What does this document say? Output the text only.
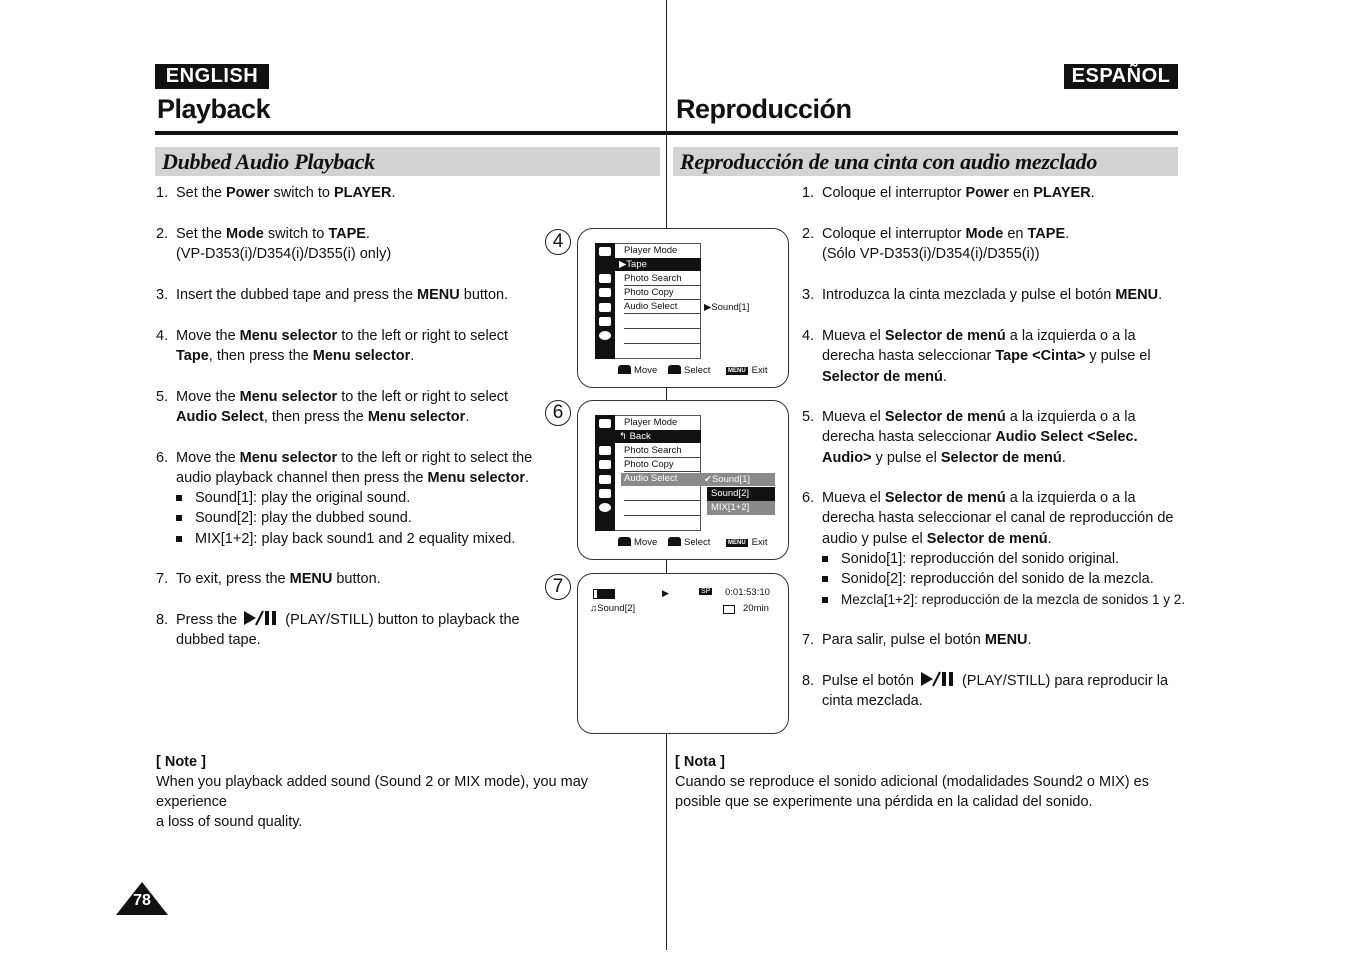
ENGLISH
Playback
Dubbed Audio Playback
ESPAÑOL
Reproducción
Reproducción de una cinta con audio mezclado
1. Set the Power switch to PLAYER.
2. Set the Mode switch to TAPE.
(VP-D353(i)/D354(i)/D355(i) only)
3. Insert the dubbed tape and press the MENU button.
4. Move the Menu selector to the left or right to select
Tape, then press the Menu selector.
5. Move the Menu selector to the left or right to select
Audio Select, then press the Menu selector.
6. Move the Menu selector to the left or right to select the
audio playback channel then press the Menu selector.
7. To exit, press the MENU button.
8. Press the	(PLAY/STILL) button to playback the
dubbed tape.
Sound[1]: play the original sound.
Sound[2]: play the dubbed sound.
MIX[1+2]: play back sound1 and 2 equality mixed.
1. Coloque el interruptor Power en PLAYER.
2. Coloque el interruptor Mode en TAPE.
(Sólo VP-D353(i)/D354(i)/D355(i))
3. Introduzca la cinta mezclada y pulse el botón MENU.
4. Mueva el Selector de menú a la izquierda o a la
derecha hasta seleccionar Tape <Cinta> y pulse el
Selector de menú.
5. Mueva el Selector de menú a la izquierda o a la
derecha hasta seleccionar Audio Select <Selec.
Audio> y pulse el Selector de menú.
6. Mueva el Selector de menú a la izquierda o a la
derecha hasta seleccionar el canal de reproducción de
audio y pulse el Selector de menú.
7. Para salir, pulse el botón MENU.
8. Pulse el botón	(PLAY/STILL) para reproducir la
cinta mezclada.
Sonido[1]: reproducción del sonido original.
Sonido[2]: reproducción del sonido de la mezcla.
Mezcla[1+2]: reproducción de la mezcla de sonidos 1 y 2.
4	Player Mode
▶Tape
Photo Search
Photo Copy
Audio Select	▶Sound[1]
Move	Select	MENU Exit
6	Player Mode
↰ Back
Photo Search
Photo Copy
Audio Select	✔Sound[1]
Sound[2]
MIX[1+2]
Move	Select	MENU Exit
7	▶	SP 0:01:53:10
♫Sound[2]	20min
[ Note ]
When you playback added sound (Sound 2 or MIX mode), you may experience
a loss of sound quality.
[ Nota ]
Cuando se reproduce el sonido adicional (modalidades Sound2 o MIX) es
posible que se experimente una pérdida en la calidad del sonido.
78
